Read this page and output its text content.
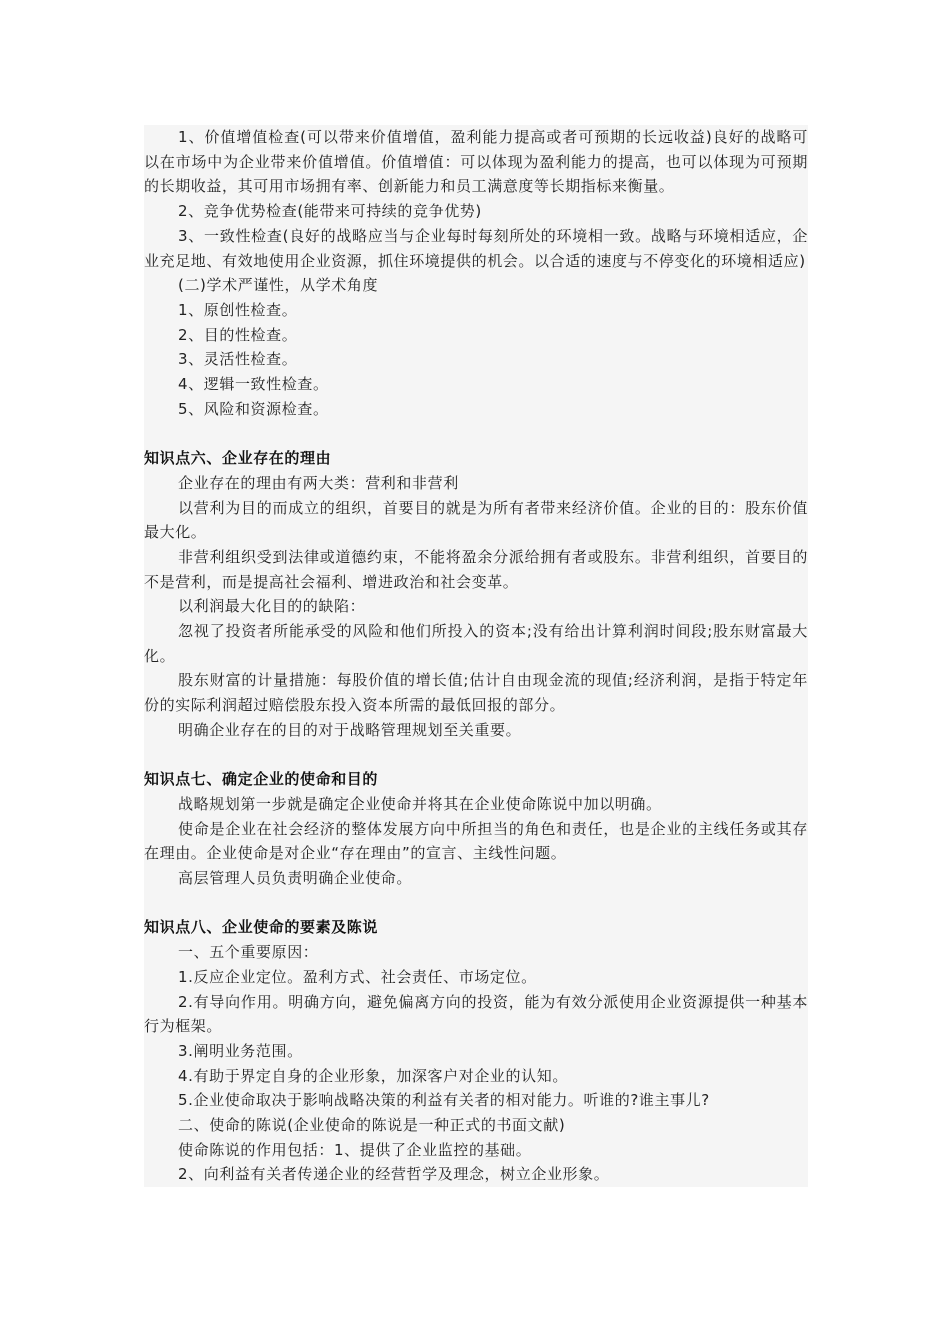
1、价值增值检查(可以带来价值增值，盈利能力提高或者可预期的长远收益)良好的战略可以在市场中为企业带来价值增值。价值增值：可以体现为盈利能力的提高，也可以体现为可预期的长期收益，其可用市场拥有率、创新能力和员工满意度等长期指标来衡量。

2、竞争优势检查(能带来可持续的竞争优势)

3、一致性检查(良好的战略应当与企业每时每刻所处的环境相一致。战略与环境相适应，企业充足地、有效地使用企业资源，抓住环境提供的机会。以合适的速度与不停变化的环境相适应)

(二)学术严谨性，从学术角度

1、原创性检查。

2、目的性检查。

3、灵活性检查。

4、逻辑一致性检查。

5、风险和资源检查。

知识点六、企业存在的理由

企业存在的理由有两大类：营利和非营利

以营利为目的而成立的组织，首要目的就是为所有者带来经济价值。企业的目的：股东价值最大化。

非营利组织受到法律或道德约束，不能将盈余分派给拥有者或股东。非营利组织，首要目的不是营利，而是提高社会福利、增进政治和社会变革。

以利润最大化目的的缺陷：

忽视了投资者所能承受的风险和他们所投入的资本;没有给出计算利润时间段;股东财富最大化。

股东财富的计量措施：每股价值的增长值;估计自由现金流的现值;经济利润，是指于特定年份的实际利润超过赔偿股东投入资本所需的最低回报的部分。

明确企业存在的目的对于战略管理规划至关重要。

知识点七、确定企业的使命和目的

战略规划第一步就是确定企业使命并将其在企业使命陈说中加以明确。

使命是企业在社会经济的整体发展方向中所担当的角色和责任，也是企业的主线任务或其存在理由。企业使命是对企业“存在理由”的宣言、主线性问题。

高层管理人员负责明确企业使命。

知识点八、企业使命的要素及陈说

一、五个重要原因：

1.反应企业定位。盈利方式、社会责任、市场定位。

2.有导向作用。明确方向，避免偏离方向的投资，能为有效分派使用企业资源提供一种基本行为框架。

3.阐明业务范围。

4.有助于界定自身的企业形象，加深客户对企业的认知。

5.企业使命取决于影响战略决策的利益有关者的相对能力。听谁的?谁主事儿?

二、使命的陈说(企业使命的陈说是一种正式的书面文献)

使命陈说的作用包括：1、提供了企业监控的基础。

2、向利益有关者传递企业的经营哲学及理念，树立企业形象。
